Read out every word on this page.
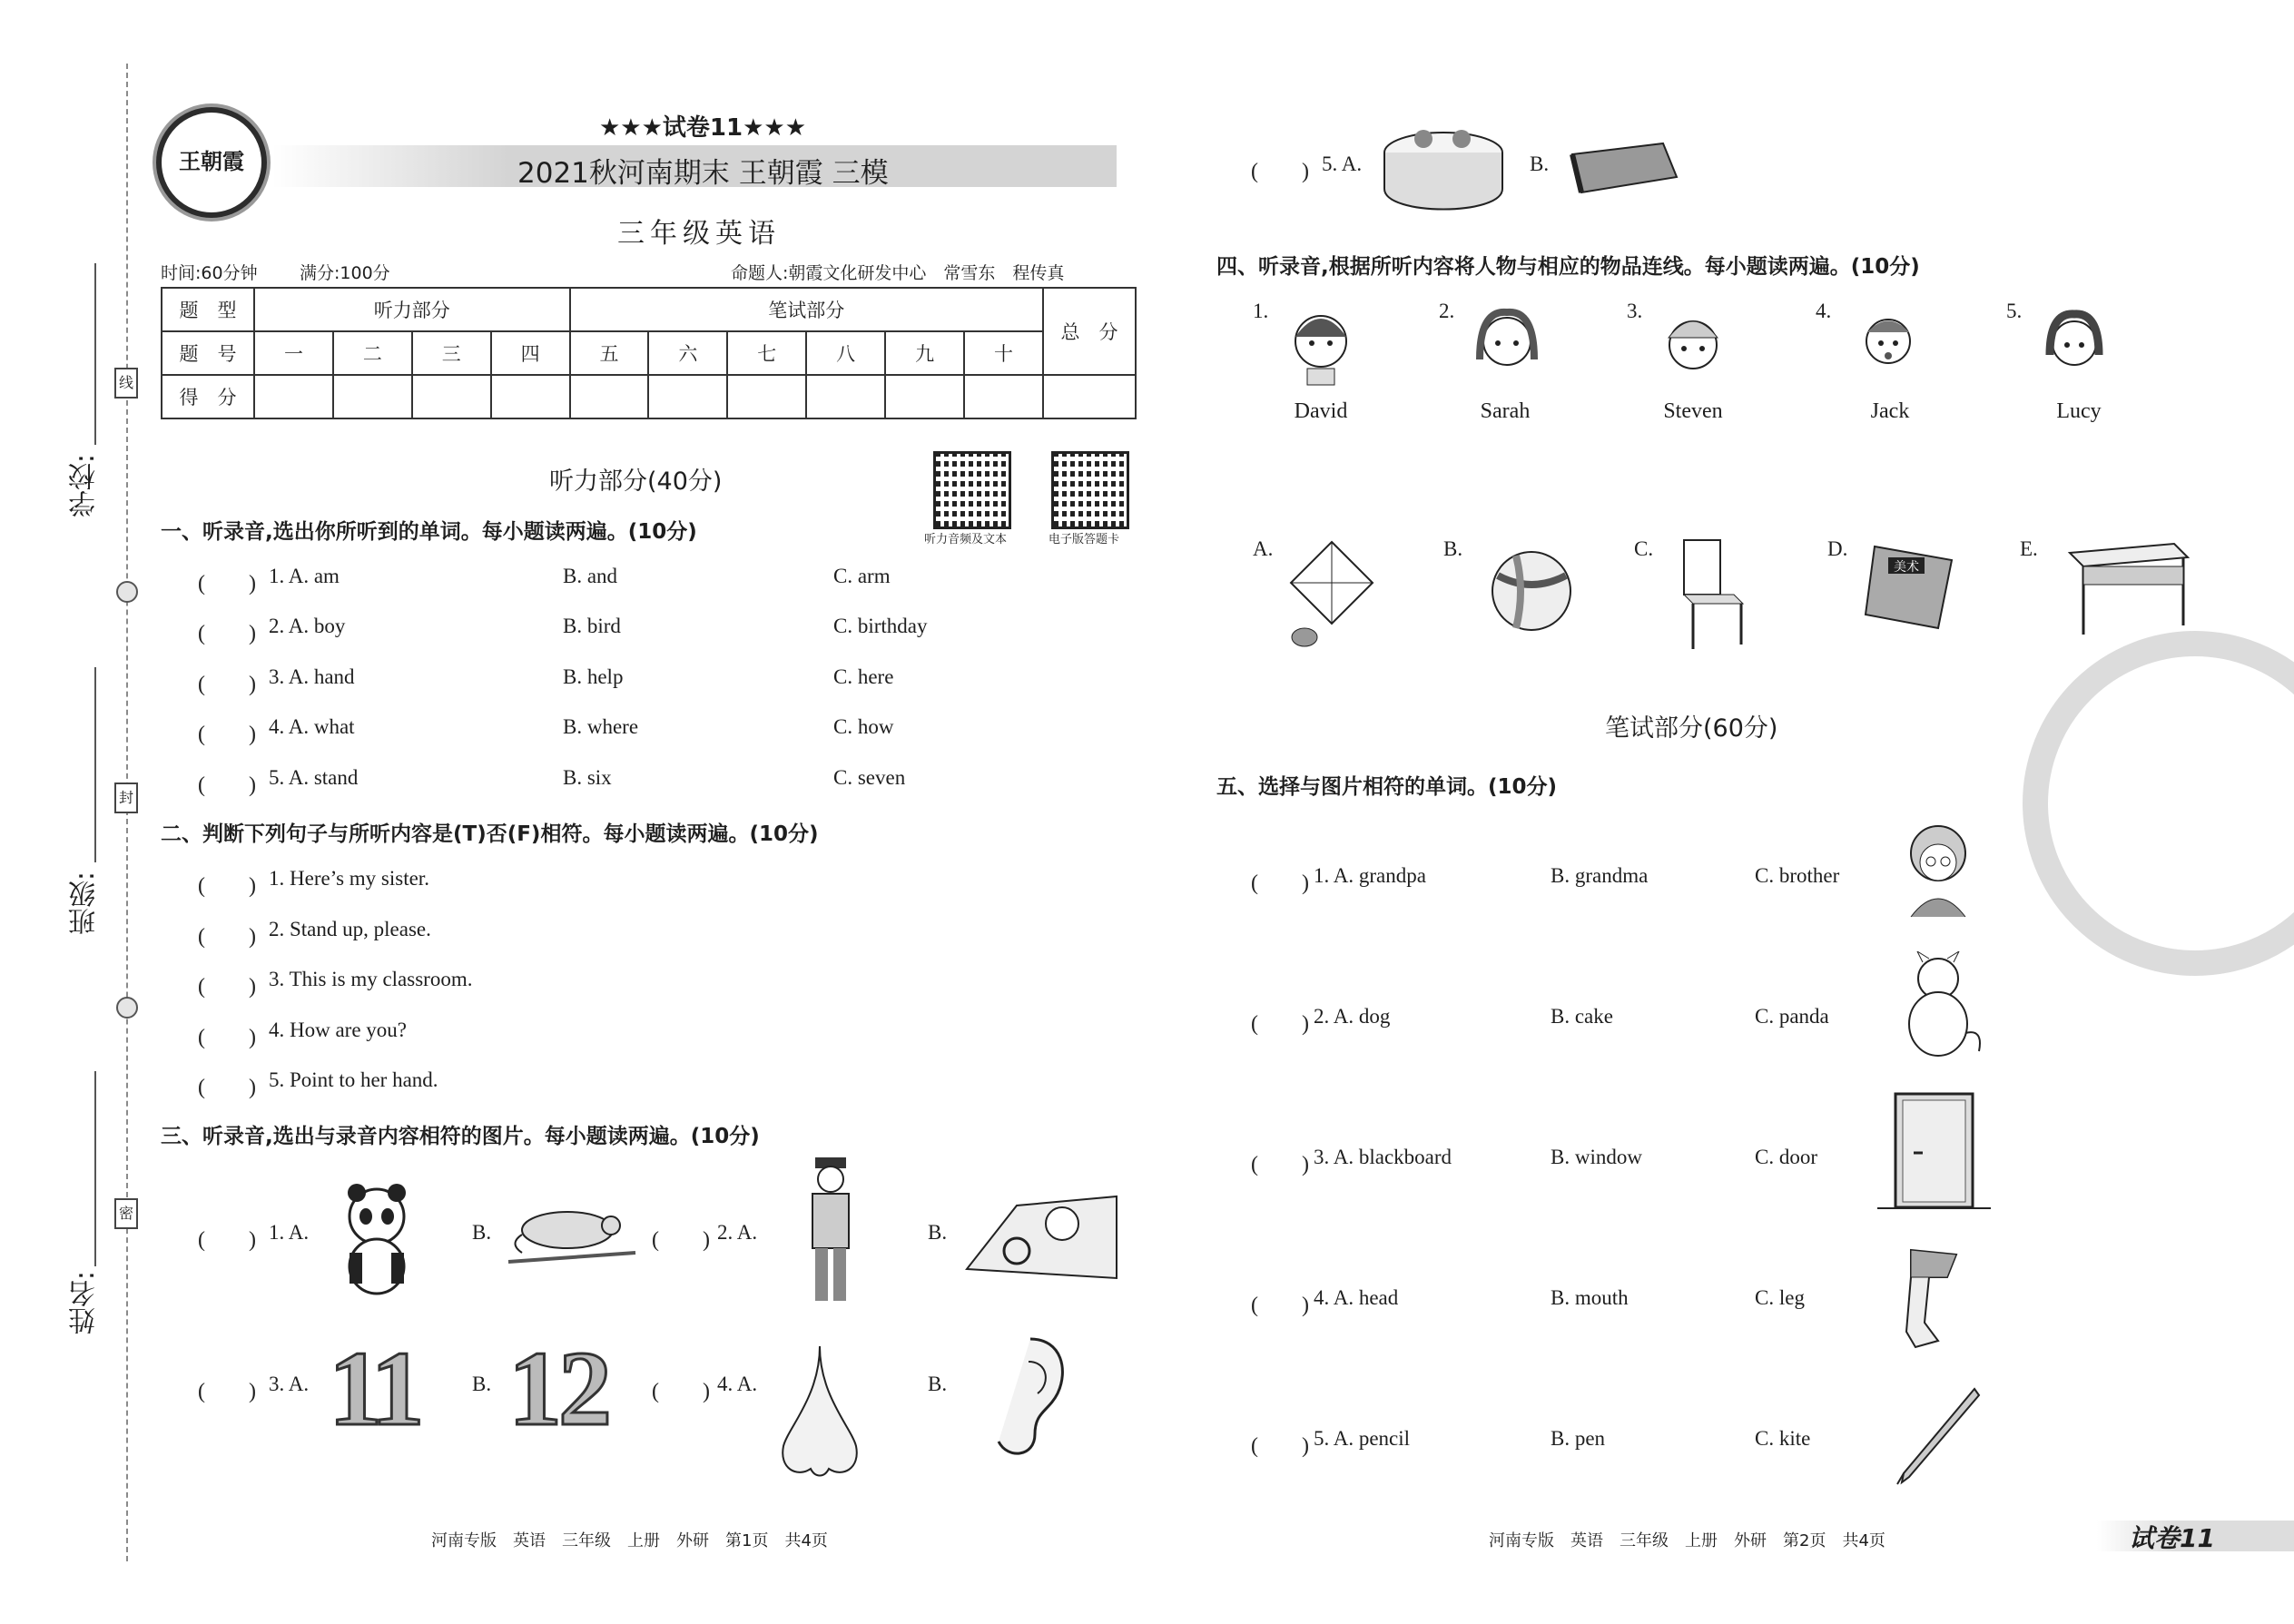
学校:
班级:
姓名:
线
封
密
王朝霞
★★★试卷11★★★
2021秋河南期末 王朝霞 三模
三年级英语
时间:60分钟 满分:100分	命题人:朝霞文化研发中心　常雪东　程传真
题　型	听力部分				笔试部分						总　分
题　号	一	二	三	四	五	六	七	八	九	十	
得　分											
听力部分(40分)
听力音频及文本	电子版答题卡
一、听录音,选出你所听到的单词。每小题读两遍。(10分)
(　　) 1. A. am	B. and	C. arm
(　　) 2. A. boy	B. bird	C. birthday
(　　) 3. A. hand	B. help	C. here
(　　) 4. A. what	B. where	C. how
(　　) 5. A. stand	B. six	C. seven
二、判断下列句子与所听内容是(T)否(F)相符。每小题读两遍。(10分)
(　　) 1. Here’s my sister.
(　　) 2. Stand up, please.
(　　) 3. This is my classroom.
(　　) 4. How are you?
(　　) 5. Point to her hand.
三、听录音,选出与录音内容相符的图片。每小题读两遍。(10分)
(　　) 1. A.	B.	(　　) 2. A.	B.
(　　) 3. A. 11	B. 12 (　　) 4. A.	B.
河南专版　英语　三年级　上册　外研　第1页　共4页
(　　) 5. A.	B.
四、听录音,根据所听内容将人物与相应的物品连线。每小题读两遍。(10分)
1.
David
2.
Sarah
3.
Steven
4.
Jack
5.
Lucy
A.	B.	C.	D.
美术
E.
笔试部分(60分)
五、选择与图片相符的单词。(10分)
(　　) 1. A. grandpa	B. grandma	C. brother
(　　) 2. A. dog	B. cake	C. panda
(　　) 3. A. blackboard	B. window	C. door
(　　) 4. A. head	B. mouth	C. leg
(　　) 5. A. pencil	B. pen	C. kite
河南专版　英语　三年级　上册　外研　第2页　共4页	试卷11
